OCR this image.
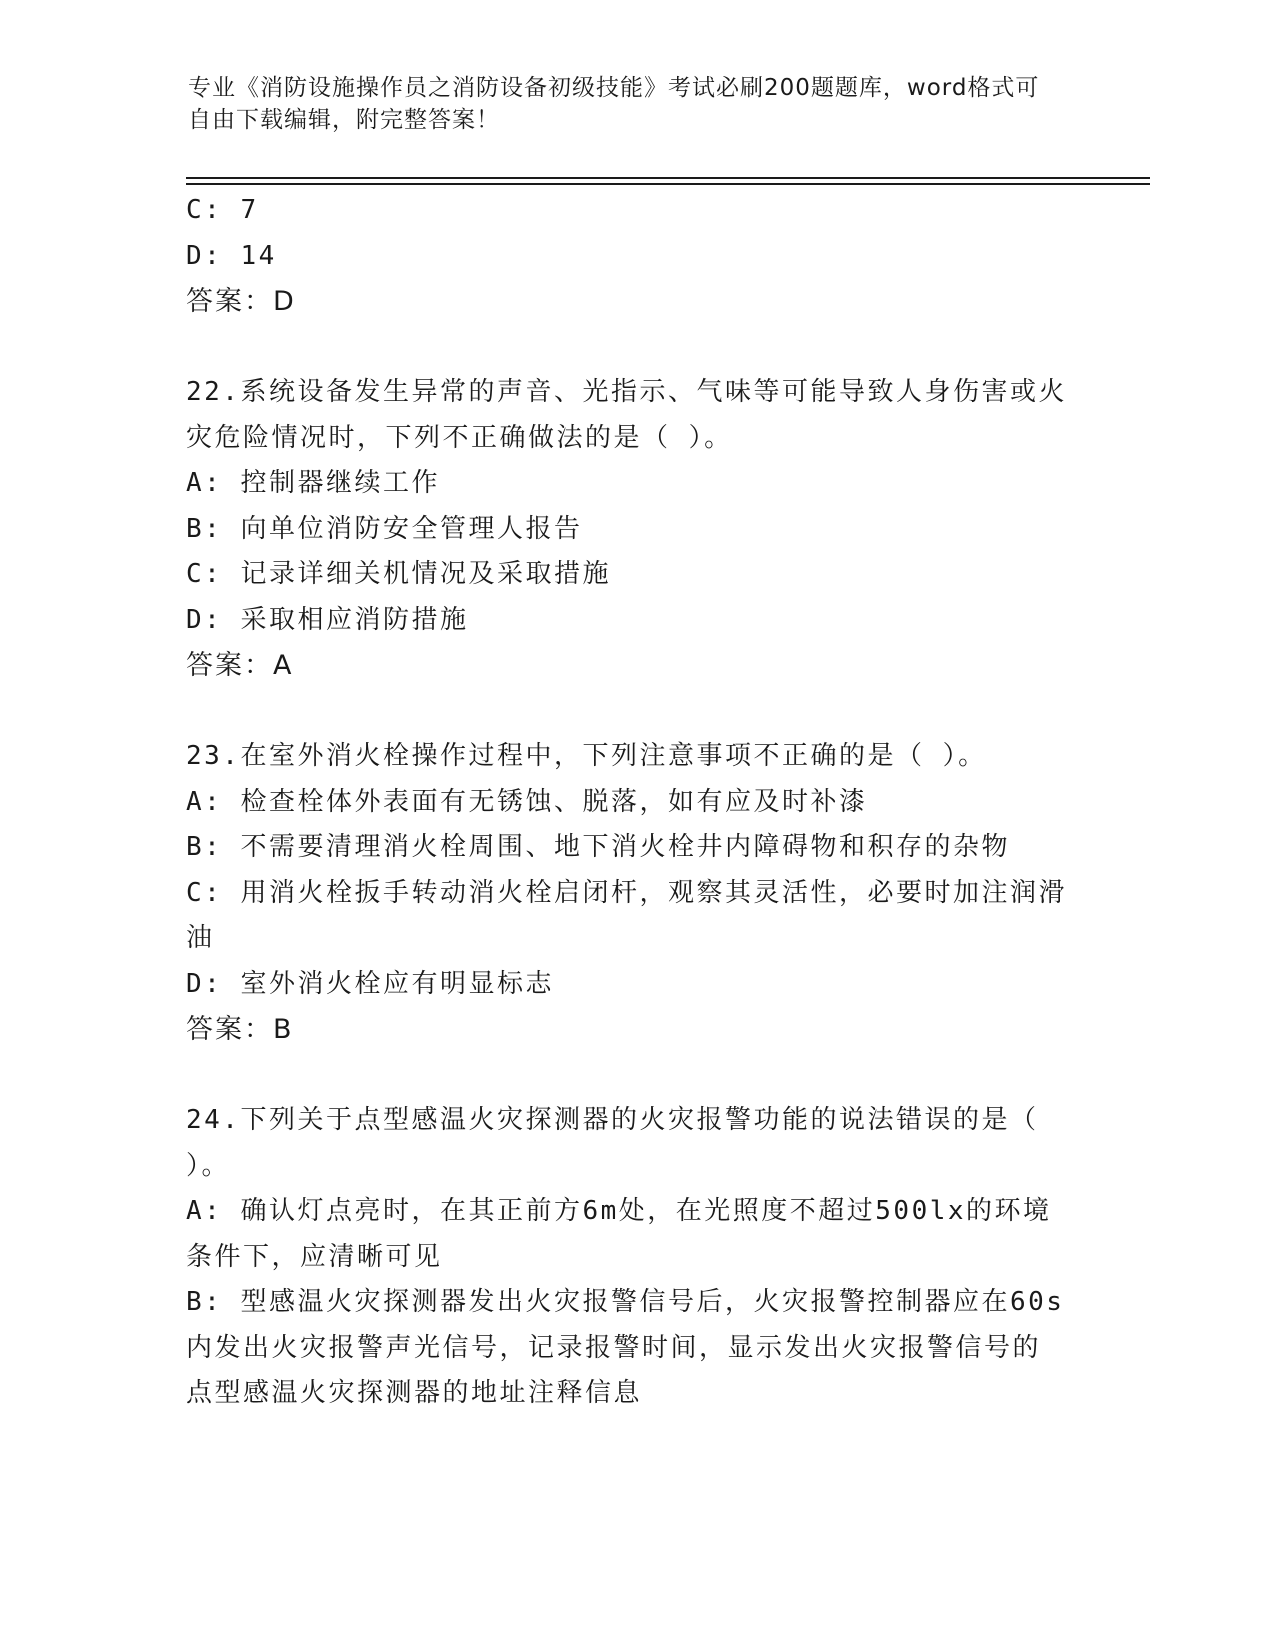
专业《消防设施操作员之消防设备初级技能》考试必刷200题题库，word格式可
自由下载编辑，附完整答案！
C: 7
D: 14
答案：D
22.系统设备发生异常的声音、光指示、气味等可能导致人身伤害或火
灾危险情况时，下列不正确做法的是（ ）。
A: 控制器继续工作
B: 向单位消防安全管理人报告
C: 记录详细关机情况及采取措施
D: 采取相应消防措施
答案：A
23.在室外消火栓操作过程中，下列注意事项不正确的是（ ）。
A: 检查栓体外表面有无锈蚀、脱落，如有应及时补漆
B: 不需要清理消火栓周围、地下消火栓井内障碍物和积存的杂物
C: 用消火栓扳手转动消火栓启闭杆，观察其灵活性，必要时加注润滑
油
D: 室外消火栓应有明显标志
答案：B
24.下列关于点型感温火灾探测器的火灾报警功能的说法错误的是（
）。
A: 确认灯点亮时，在其正前方6m处，在光照度不超过500lx的环境
条件下，应清晰可见
B: 型感温火灾探测器发出火灾报警信号后，火灾报警控制器应在60s
内发出火灾报警声光信号，记录报警时间，显示发出火灾报警信号的
点型感温火灾探测器的地址注释信息
